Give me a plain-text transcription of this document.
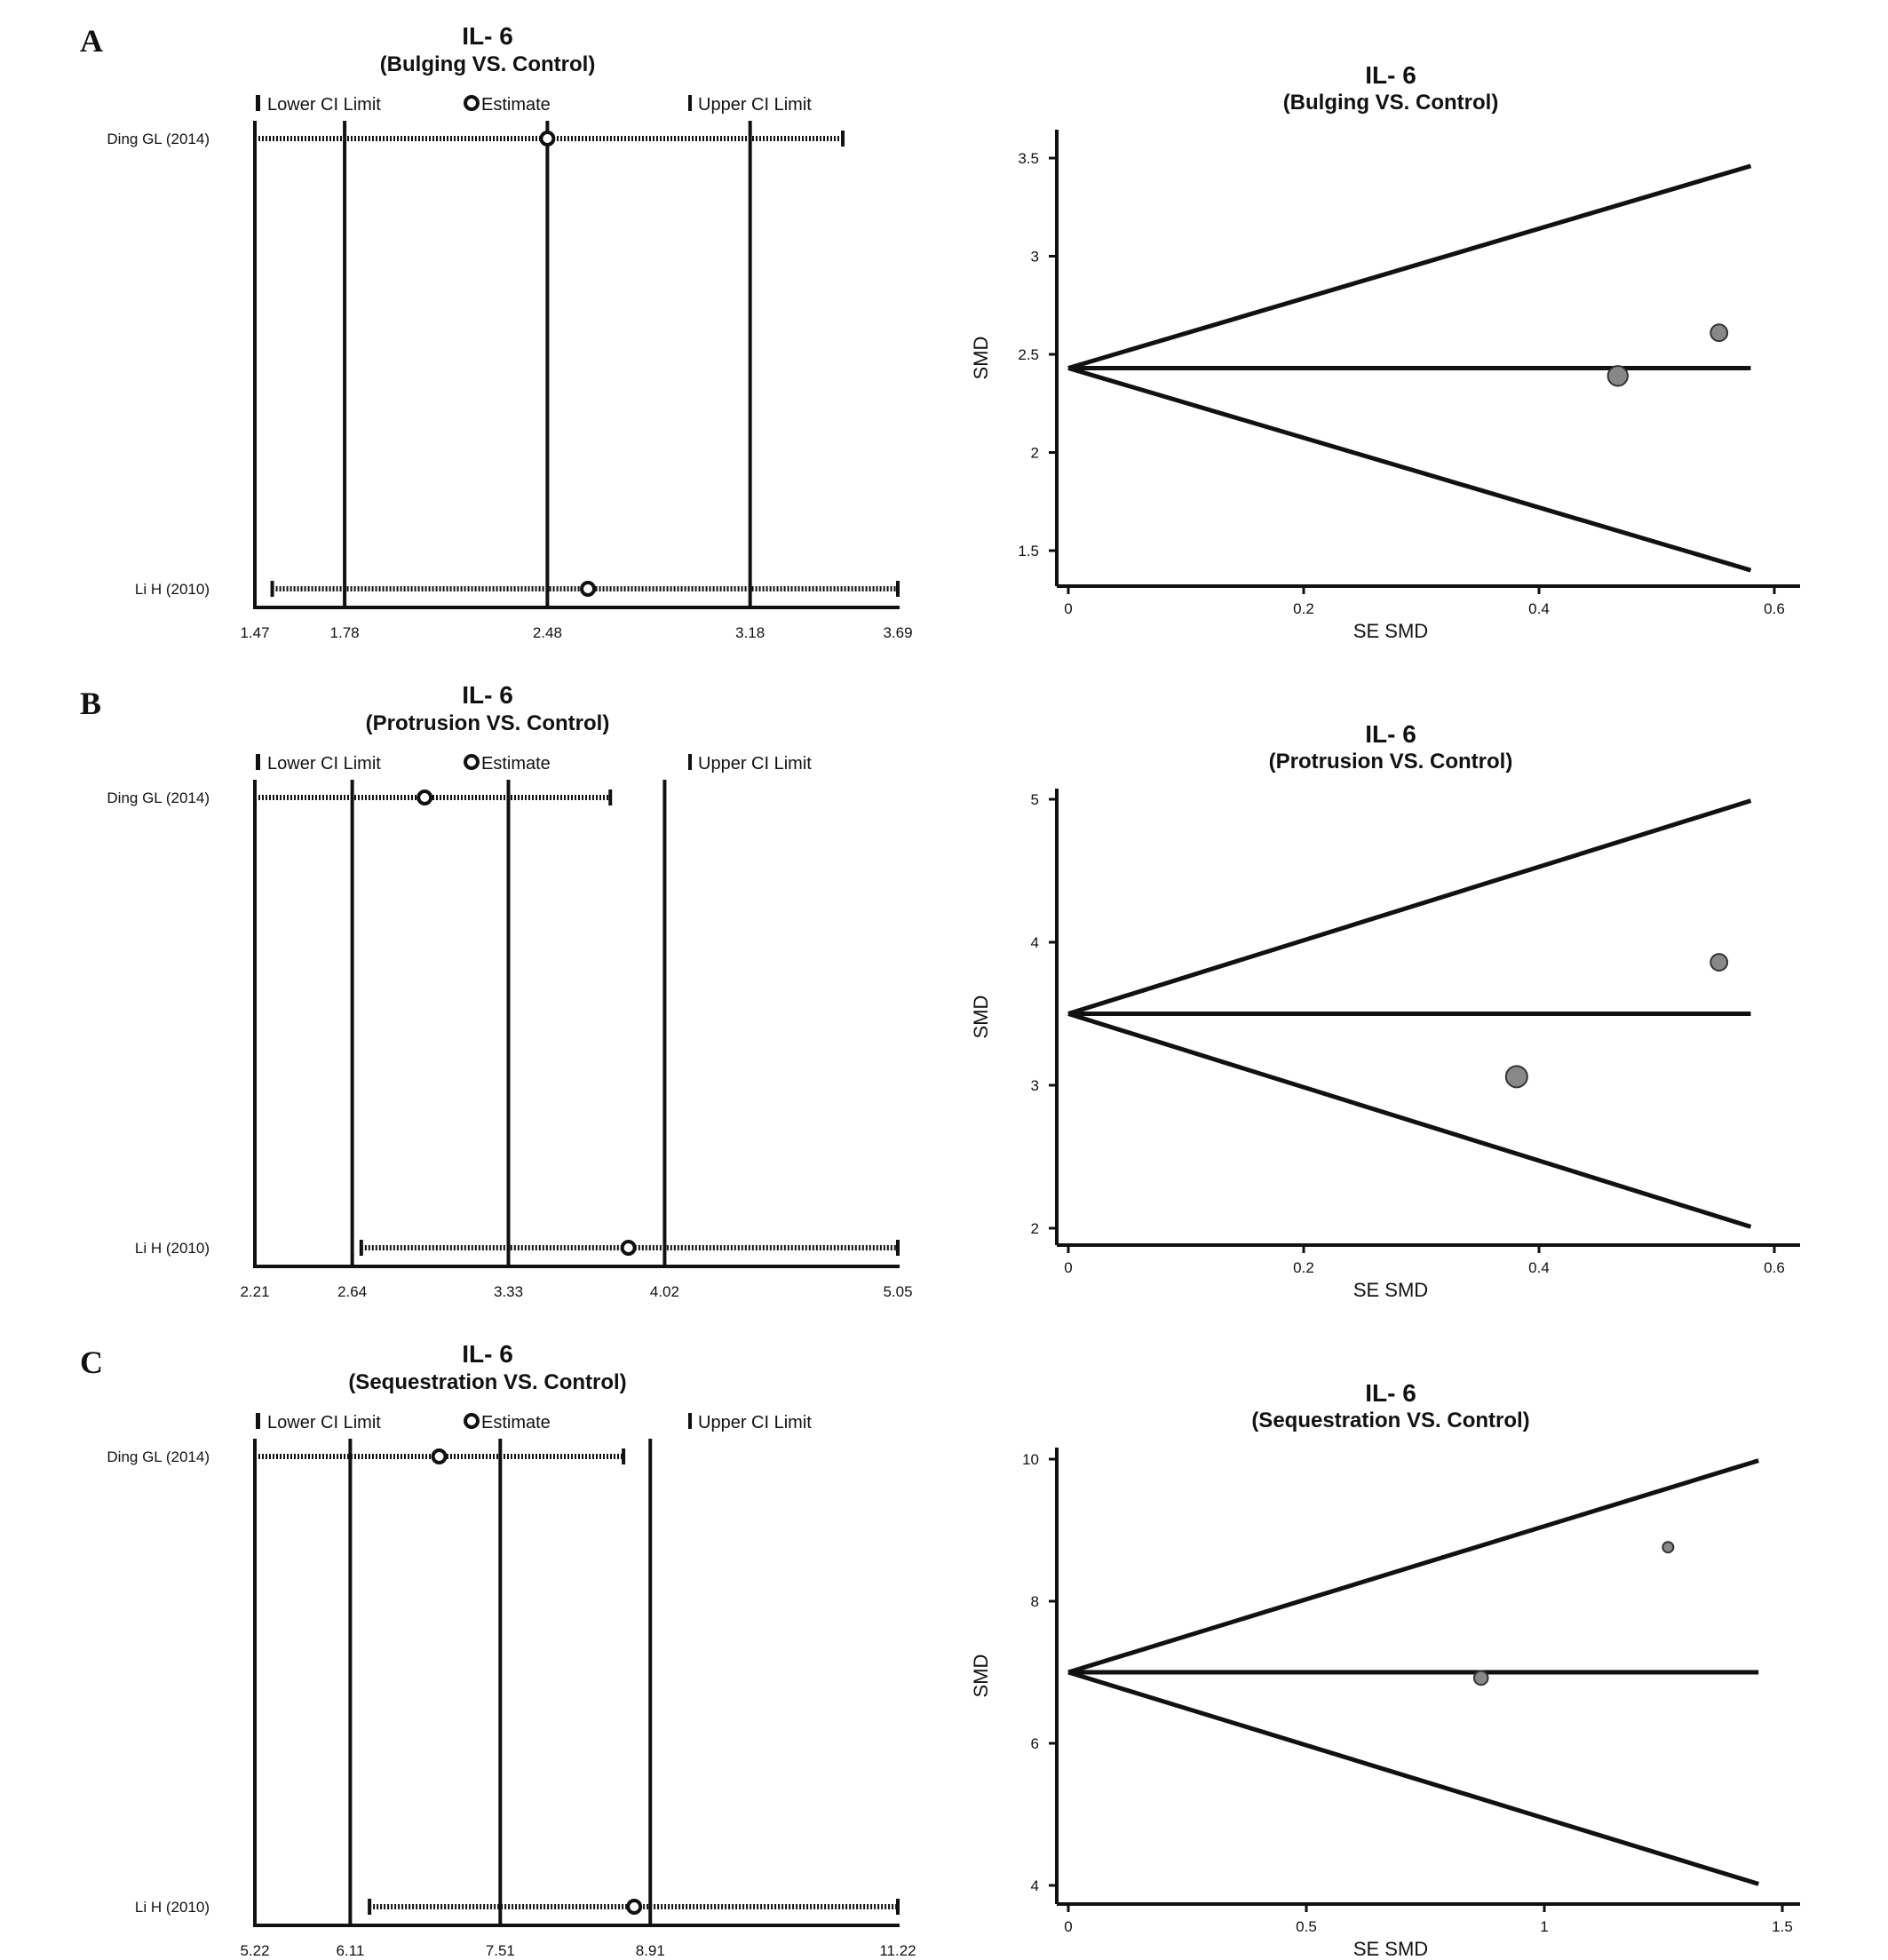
A	IL- 6
(Bulging VS. Control)
Lower CI Limit	Estimate	Upper CI Limit
1.47	1.78	2.48	3.18	3.69
Ding GL (2014)
Li H (2010)
IL- 6
(Bulging VS. Control)
1.5
2
2.5
3
3.5
0	0.2	0.4	0.6
SE SMD
SMD
B	IL- 6
(Protrusion VS. Control)
Lower CI Limit	Estimate	Upper CI Limit
2.21	2.64	3.33	4.02	5.05
Ding GL (2014)
Li H (2010)
IL- 6
(Protrusion VS. Control)
2
3
4
5
0	0.2	0.4	0.6
SE SMD
SMD
C	IL- 6
(Sequestration VS. Control)
Lower CI Limit	Estimate	Upper CI Limit
5.22	6.11	7.51	8.91	11.22
Ding GL (2014)
Li H (2010)
IL- 6
(Sequestration VS. Control)
4
6
8
10
0	0.5	1	1.5
SE SMD
SMD
